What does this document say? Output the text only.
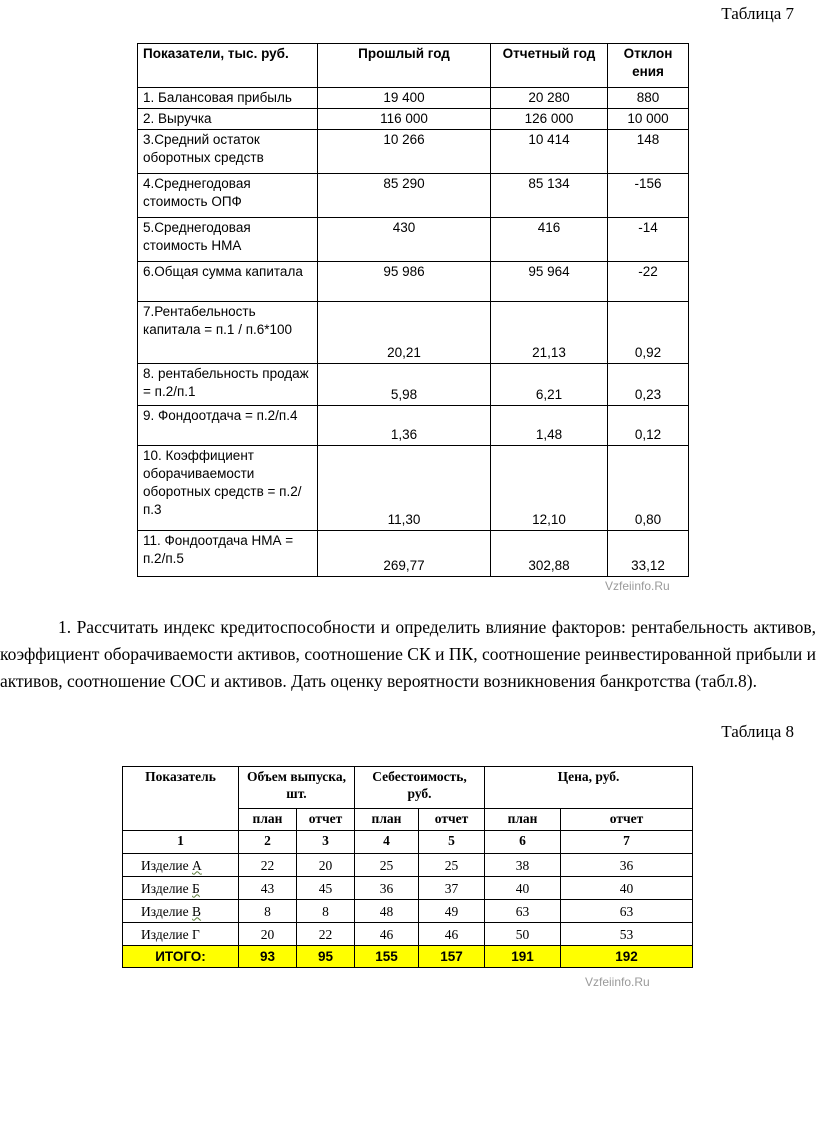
Таблица 7
Показатели, тыс. руб.	Прошлый год	Отчетный год	Отклон ения
1. Балансовая прибыль	19 400	20 280	880
2. Выручка	116 000	126 000	10 000
3.Средний остаток оборотных средств	10 266	10 414	148
4.Среднегодовая стоимость ОПФ	85 290	85 134	-156
5.Среднегодовая стоимость НМА	430	416	-14
6.Общая сумма капитала	95 986	95 964	-22
7.Рентабельность капитала = п.1 / п.6*100	20,21	21,13	0,92
8. рентабельность продаж = п.2/п.1	5,98	6,21	0,23
9. Фондоотдача = п.2/п.4	1,36	1,48	0,12
10. Коэффициент оборачиваемости оборотных средств = п.2/п.3	11,30	12,10	0,80
11. Фондоотдача НМА = п.2/п.5	269,77	302,88	33,12
Vzfeiinfo.Ru

1. Рассчитать индекс кредитоспособности и определить влияние факторов: рентабельность активов, коэффициент оборачиваемости активов, соотношение СК и ПК, соотношение реинвестированной прибыли и активов, соотношение СОС и активов. Дать оценку вероятности возникновения банкротства (табл.8).

Таблица 8
Показатель	Объем выпуска, шт.		Себестоимость, руб.		Цена, руб.	
	план	отчет	план	отчет	план	отчет
1	2	3	4	5	6	7
Изделие А	22	20	25	25	38	36
Изделие Б	43	45	36	37	40	40
Изделие В	8	8	48	49	63	63
Изделие Г	20	22	46	46	50	53
ИТОГО:	93	95	155	157	191	192
Vzfeiinfo.Ru
